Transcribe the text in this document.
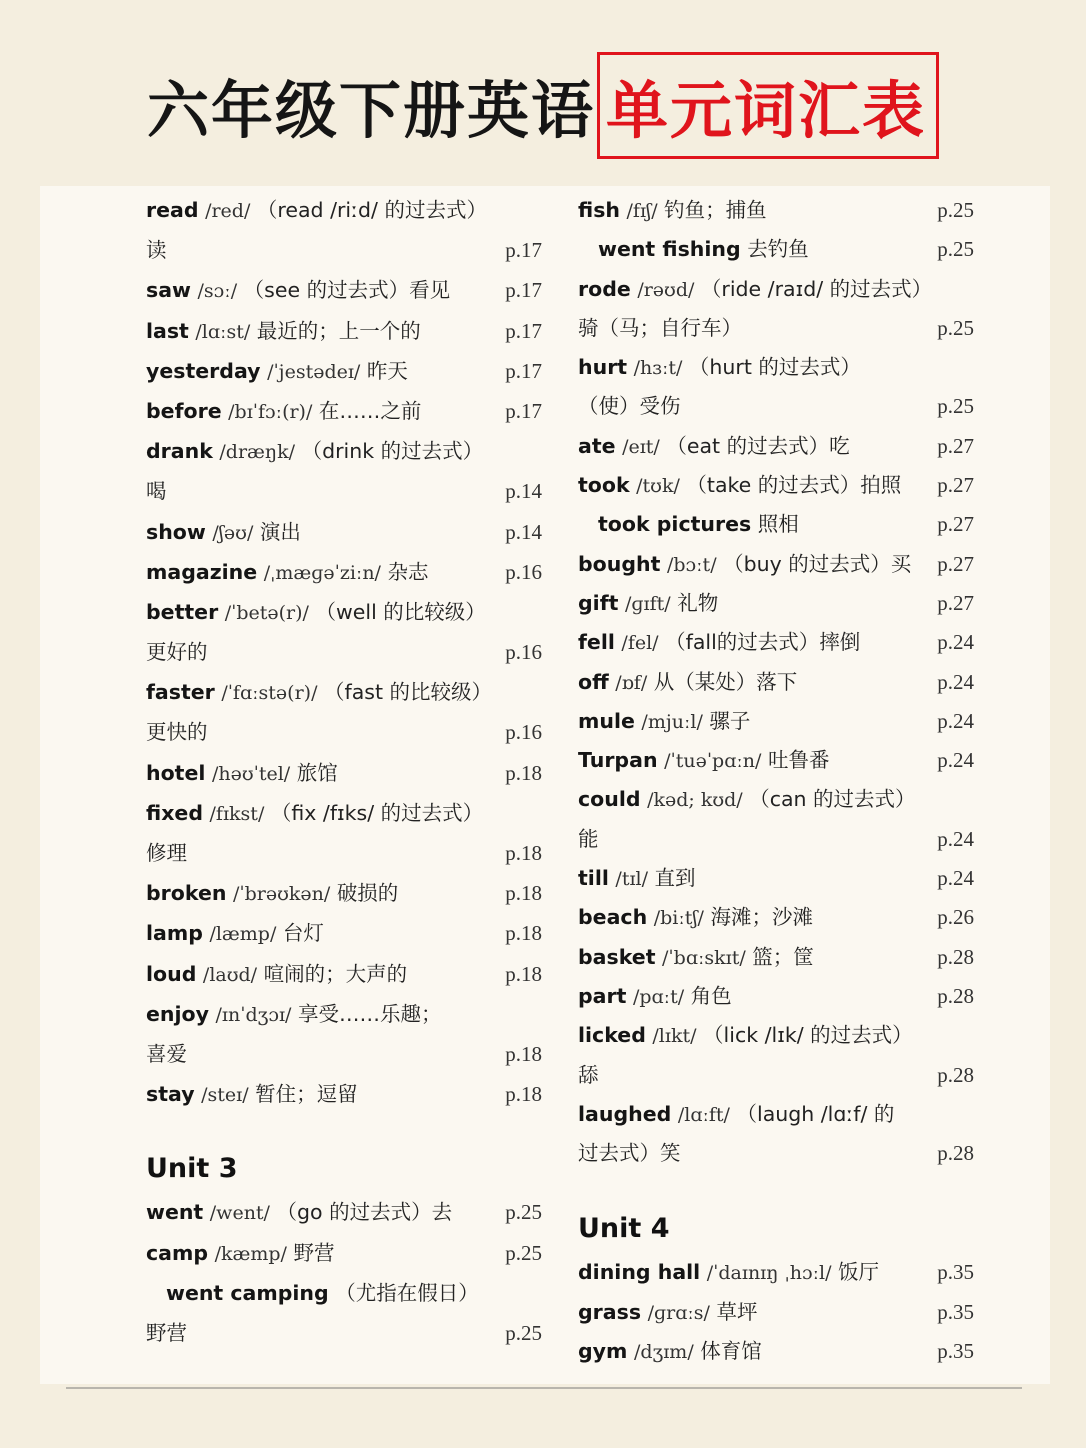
六年级下册英语 单元词汇表
read /red/ （read /riːd/ 的过去式）
读	p.17
saw /sɔː/ （see 的过去式）看见	p.17
last /lɑːst/ 最近的；上一个的	p.17
yesterday /ˈjestədeɪ/ 昨天	p.17
before /bɪˈfɔː(r)/ 在……之前	p.17
drank /dræŋk/ （drink 的过去式）
喝	p.14
show /ʃəʊ/ 演出	p.14
magazine /ˌmæɡəˈziːn/ 杂志	p.16
better /ˈbetə(r)/ （well 的比较级）
更好的	p.16
faster /ˈfɑːstə(r)/ （fast 的比较级）
更快的	p.16
hotel /həʊˈtel/ 旅馆	p.18
fixed /fɪkst/ （fix /fɪks/ 的过去式）
修理	p.18
broken /ˈbrəʊkən/ 破损的	p.18
lamp /læmp/ 台灯	p.18
loud /laʊd/ 喧闹的；大声的	p.18
enjoy /ɪnˈdʒɔɪ/ 享受……乐趣；
喜爱	p.18
stay /steɪ/ 暂住；逗留	p.18
Unit 3
went /went/ （go 的过去式）去	p.25
camp /kæmp/ 野营	p.25
went camping （尤指在假日）
野营	p.25
fish /fɪʃ/ 钓鱼；捕鱼	p.25
went fishing 去钓鱼	p.25
rode /rəʊd/ （ride /raɪd/ 的过去式）
骑（马；自行车）	p.25
hurt /hɜːt/ （hurt 的过去式）
（使）受伤	p.25
ate /eɪt/ （eat 的过去式）吃	p.27
took /tʊk/ （take 的过去式）拍照 p.27
took pictures 照相	p.27
bought /bɔːt/ （buy 的过去式）买 p.27
gift /ɡɪft/ 礼物	p.27
fell /fel/ （fall的过去式）摔倒	p.24
off /ɒf/ 从（某处）落下	p.24
mule /mjuːl/ 骡子	p.24
Turpan /ˈtuəˈpɑːn/ 吐鲁番	p.24
could /kəd; kʊd/ （can 的过去式）
能	p.24
till /tɪl/ 直到	p.24
beach /biːtʃ/ 海滩；沙滩	p.26
basket /ˈbɑːskɪt/ 篮；筐	p.28
part /pɑːt/ 角色	p.28
licked /lɪkt/ （lick /lɪk/ 的过去式）
舔	p.28
laughed /lɑːft/ （laugh /lɑːf/ 的
过去式）笑	p.28
Unit 4
dining hall /ˈdaɪnɪŋ ˌhɔːl/ 饭厅	p.35
grass /ɡrɑːs/ 草坪	p.35
gym /dʒɪm/ 体育馆	p.35
